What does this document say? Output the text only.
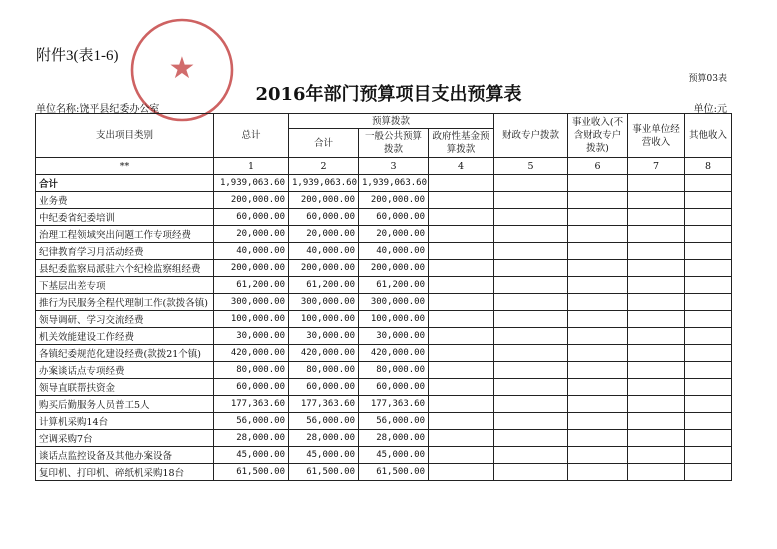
附件3(表1-6) ★	预算03表
2016年部门预算项目支出预算表
单位名称:饶平县纪委办公室	单位:元
支出项目类别	总计	预算拨款			财政专户拨款	事业收入(不含财政专户拨款)	事业单位经营收入	其他收入
		合计	一般公共预算拨款	政府性基金预算拨款				
**	1	2	3	4	5	6	7	8
合计	1,939,063.60	1,939,063.60	1,939,063.60					
业务费	200,000.00	200,000.00	200,000.00					
中纪委省纪委培训	60,000.00	60,000.00	60,000.00					
治理工程领域突出问题工作专项经费	20,000.00	20,000.00	20,000.00					
纪律教育学习月活动经费	40,000.00	40,000.00	40,000.00					
县纪委监察局派驻六个纪检监察组经费	200,000.00	200,000.00	200,000.00					
下基层出差专项	61,200.00	61,200.00	61,200.00					
推行为民服务全程代理制工作(款拨各镇)	300,000.00	300,000.00	300,000.00					
领导调研、学习交流经费	100,000.00	100,000.00	100,000.00					
机关效能建设工作经费	30,000.00	30,000.00	30,000.00					
各镇纪委规范化建设经费(款拨21个镇)	420,000.00	420,000.00	420,000.00					
办案谈话点专项经费	80,000.00	80,000.00	80,000.00					
领导直联帮扶资金	60,000.00	60,000.00	60,000.00					
购买后勤服务人员普工5人	177,363.60	177,363.60	177,363.60					
计算机采购14台	56,000.00	56,000.00	56,000.00					
空调采购7台	28,000.00	28,000.00	28,000.00					
谈话点监控设备及其他办案设备	45,000.00	45,000.00	45,000.00					
复印机、打印机、碎纸机采购18台	61,500.00	61,500.00	61,500.00					
